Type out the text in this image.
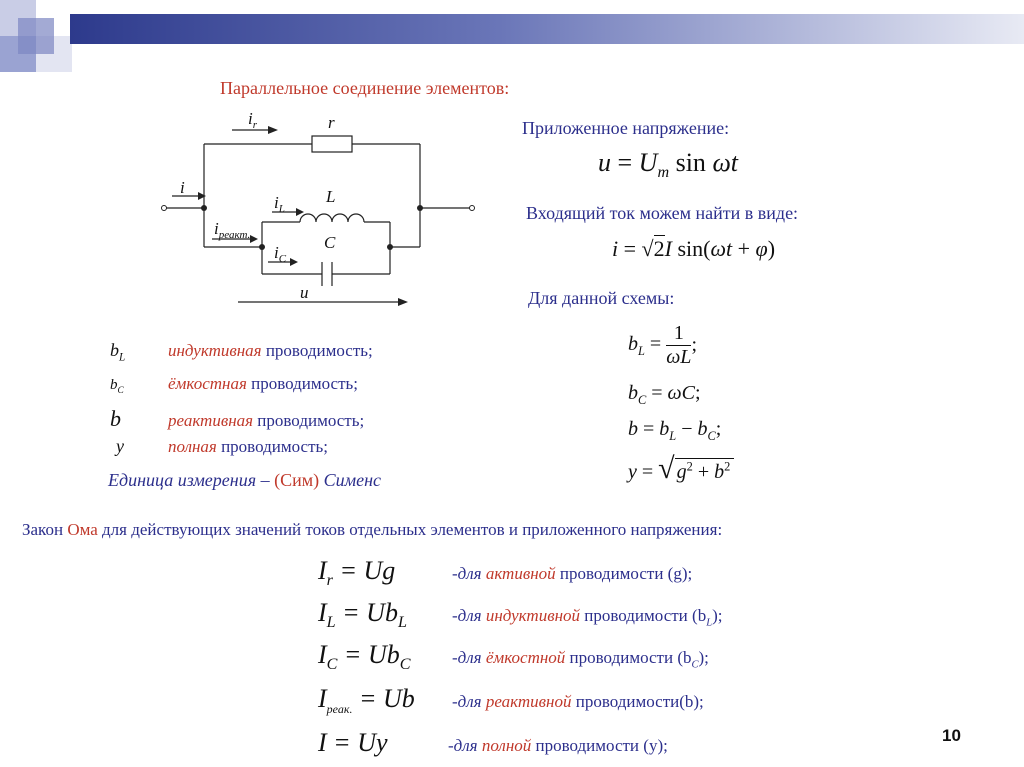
Параллельное соединение элементов:
$i_r$	r
i
$i_L$
L
$i_{реакт.}$	C
$i_C$
u
Приложенное напряжение:
$u = U_m$ sin ωt
Входящий ток можем найти в виде:
i = √2I sin(ωt + φ)
Для данной схемы:
$b_L = \frac{1}{\omega L}$ ;
$b_C = \omega C$;
$b = b_L - b_C$;
y = √ $g^2 + b^2$
$b_L$	индуктивная проводимость;
$b_C$	ёмкостная проводимость;
b	реактивная проводимость;
y	полная проводимость;
Единица измерения – (Сим) Сименс
Закон Ома для действующих значений токов отдельных элементов и приложенного напряжения:
$I_r = Ug$	-для активной проводимости (g);
$I_L = Ub_L$	-для индуктивной проводимости $(b_L)$;
$I_C = Ub_C$ -для ёмкостной проводимости $(b_C)$;
$I_{реак.} = Ub$ -для реактивной проводимости(b);
I = Uy	-для полной проводимости (y);
10
